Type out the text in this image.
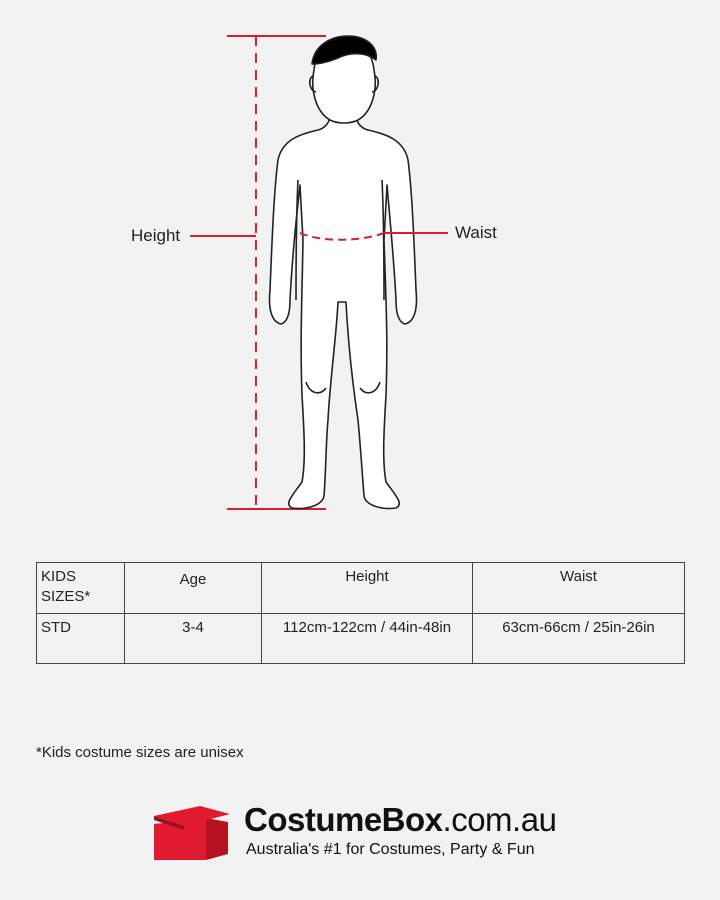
Height	Waist
KIDS SIZES*	Age	Height	Waist
STD	3-4	112cm-122cm / 44in-48in	63cm-66cm / 25in-26in
*Kids costume sizes are unisex
CostumeBox.com.au
Australia's #1 for Costumes, Party & Fun
